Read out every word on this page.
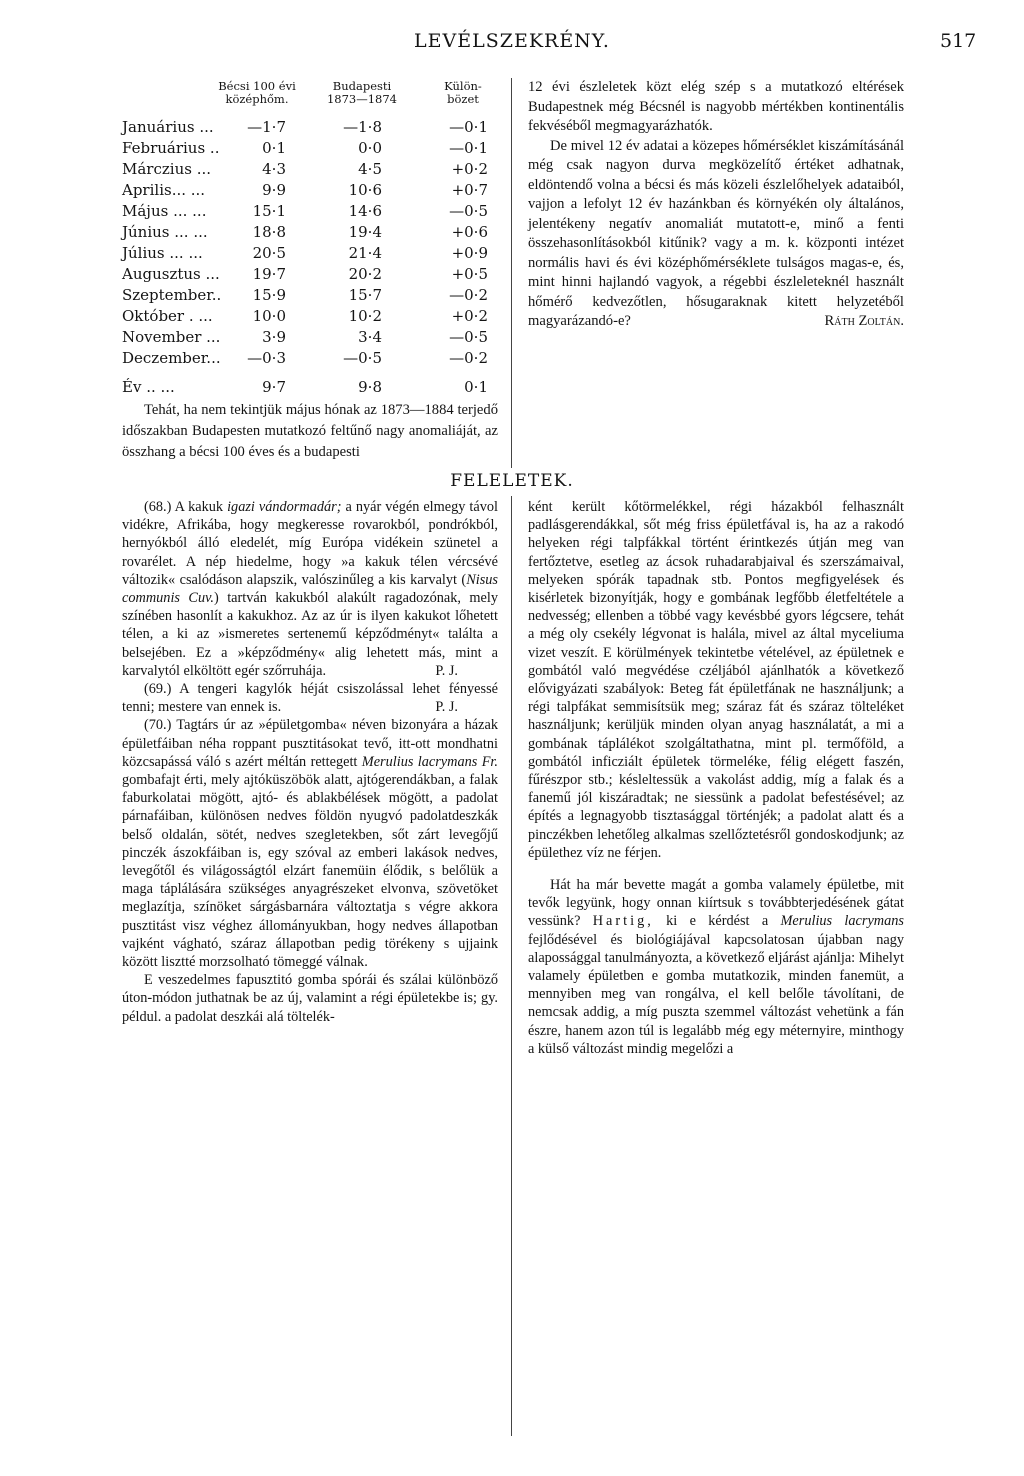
LEVÉLSZEKRÉNY.	517
Bécsi 100 évi középhőm.
Budapesti 1873—1874
Külön- bözet
Januárius ...	—1·7	—1·8	—0·1
Februárius ..	0·1	0·0	—0·1
Márczius ...	4·3	4·5	+0·2
Aprilis... ...	9·9	10·6	+0·7
Május ... ...	15·1	14·6	—0·5
Június ... ...	18·8	19·4	+0·6
Július ... ...	20·5	21·4	+0·9
Augusztus ...	19·7	20·2	+0·5
Szeptember..	15·9	15·7	—0·2
Október . ...	10·0	10·2	+0·2
November ...	3·9	3·4	—0·5
Deczember...	—0·3	—0·5	—0·2
Év .. ...	9·7	9·8	0·1

Tehát, ha nem tekintjük május hónak az 1873—1884 terjedő időszakban Budapesten mutatkozó feltűnő nagy anomaliáját, az összhang a bécsi 100 éves és a budapesti

12 évi észleletek közt elég szép s a mutatkozó eltérések Budapestnek még Bécsnél is nagyobb mértékben kontinentális fekvéséből megmagyarázhatók.

De mivel 12 év adatai a közepes hőmérséklet kiszámításánál még csak nagyon durva megközelítő értéket adhatnak, eldöntendő volna a bécsi és más közeli észlelőhelyek adataiból, vajjon a lefolyt 12 év hazánkban és környékén oly általános, jelentékeny negatív anomaliát mutatott-e, minő a fenti összehasonlításokból kitűnik? vagy a m. k. központi intézet normális havi és évi középhőmérséklete tulságos magas-e, és, mint hinni hajlandó vagyok, a régebbi észleleteknél használt hőmérő kedvezőtlen, hősugaraknak kitett helyzetéből magyarázandó-e?	Ráth Zoltán.

FELELETEK.

(68.) A kakuk igazi vándormadár; a nyár végén elmegy távol vidékre, Afrikába, hogy megkeresse rovarokból, pondrókból, hernyókból álló eledelét, míg Európa vidékein szünetel a rovarélet. A nép hiedelme, hogy »a kakuk télen vércsévé változik« csalódáson alapszik, valószinűleg a kis karvalyt (Nisus communis Cuv.) tartván kakukból alakúlt ragadozónak, mely színében hasonlít a kakukhoz. Az az úr is ilyen kakukot lőhetett télen, a ki az »ismeretes sertenemű képződményt« találta a belsejében. Ez a »képződmény« alig lehetett más, mint a karvalytól elköltött egér szőrruhája.	P. J.

(69.) A tengeri kagylók héját csiszolással lehet fényessé tenni; mestere van ennek is.	P. J.

(70.) Tagtárs úr az »épületgomba« néven bizonyára a házak épületfáiban néha roppant pusztitásokat tevő, itt-ott mondhatni közcsapássá váló s azért méltán rettegett Merulius lacrymans Fr. gombafajt érti, mely ajtóküszöbök alatt, ajtógerendákban, a falak faburkolatai mögött, ajtó- és ablakbélések mögött, a padolat párnafáiban, különösen nedves földön nyugvó padolatdeszkák belső oldalán, sötét, nedves szegletekben, sőt zárt levegőjű pinczék ászokfáiban is, egy szóval az emberi lakások nedves, levegőtől és világosságtól elzárt fanemüin élődik, s belőlük a maga táplálására szükséges anyagrészeket elvonva, szövetöket meglazítja, színöket sárgásbarnára változtatja s végre akkora pusztitást visz véghez állományukban, hogy nedves állapotban vajként vágható, száraz állapotban pedig törékeny s ujjaink között lisztté morzsolható tömeggé válnak.

E veszedelmes fapusztitó gomba spórái és szálai különböző úton-módon juthatnak be az új, valamint a régi épületekbe is; gy. példul. a padolat deszkái alá töltelék-

ként került kőtörmelékkel, régi házakból felhasznált padlásgerendákkal, sőt még friss épületfával is, ha az a rakodó helyeken régi talpfákkal történt érintkezés útján meg van fertőztetve, esetleg az ácsok ruhadarabjaival és szerszámaival, melyeken spórák tapadnak stb. Pontos megfigyelések és kisérletek bizonyítják, hogy e gombának legfőbb életfeltétele a nedvesség; ellenben a többé vagy kevésbbé gyors légcsere, tehát a még oly csekély légvonat is halála, mivel az által myceliuma vizet veszít. E körülmények tekintetbe vételével, az épületnek e gombától való megvédése czéljából ajánlhatók a következő elővigyázati szabályok: Beteg fát épületfának ne használjunk; a régi talpfákat semmisítsük meg; száraz fát és száraz tölteléket használjunk; kerüljük minden olyan anyag használatát, a mi a gombának táplálékot szolgáltathatna, mint pl. termőföld, a gombától inficziált épületek törmeléke, félig elégett faszén, fűrészpor stb.; késleltessük a vakolást addig, míg a falak és a fanemű jól kiszáradtak; ne siessünk a padolat befestésével; az építés a legnagyobb tisztasággal történjék; a padolat alatt és a pinczékben lehetőleg alkalmas szellőztetésről gondoskodjunk; az épülethez víz ne férjen.

Hát ha már bevette magát a gomba valamely épületbe, mit tevők legyünk, hogy onnan kiírtsuk s továbbterjedésének gátat vessünk? Hartig, ki e kérdést a Merulius lacrymans fejlődésével és biológiájával kapcsolatosan újabban nagy alapossággal tanulmányozta, a következő eljárást ajánlja: Mihelyt valamely épületben e gomba mutatkozik, minden fanemüt, a mennyiben meg van rongálva, el kell belőle távolítani, de nemcsak addig, a míg puszta szemmel változást vehetünk a fán észre, hanem azon túl is legalább még egy méternyire, minthogy a külső változást mindig megelőzi a
